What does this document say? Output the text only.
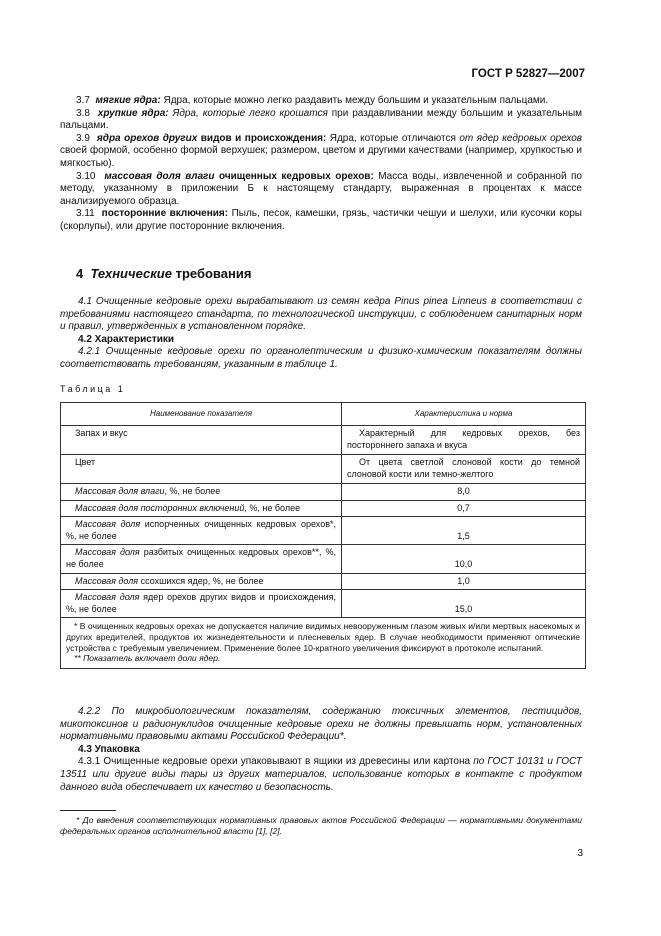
ГОСТ Р 52827—2007

3.7 мягкие ядра: Ядра, которые можно легко раздавить между большим и указательным пальцами.

3.8 хрупкие ядра: Ядра, которые легко крошатся при раздавливании между большим и указательным пальцами.

3.9 ядра орехов других видов и происхождения: Ядра, которые отличаются от ядер кедровых орехов своей формой, особенно формой верхушек; размером, цветом и другими качествами (например, хрупкостью и мягкостью).

3.10 массовая доля влаги очищенных кедровых орехов: Масса воды, извлеченной и собранной по методу, указанному в приложении Б к настоящему стандарту, выраженная в процентах к массе анализируемого образца.

3.11 посторонние включения: Пыль, песок, камешки, грязь, частички чешуи и шелухи, или кусочки коры (скорлупы), или другие посторонние включения.

4 Технические требования

4.1 Очищенные кедровые орехи вырабатывают из семян кедра Pinus pinea Linneus в соответствии с требованиями настоящего стандарта, по технологической инструкции, с соблюдением санитарных норм и правил, утвержденных в установленном порядке.

4.2 Характеристики

4.2.1 Очищенные кедровые орехи по органолептическим и физико-химическим показателям должны соответствовать требованиям, указанным в таблице 1.

Таблица 1
Наименование показателя	Характеристика и норма
Запах и вкус	Характерный для кедровых орехов, без постороннего запаха и вкуса
Цвет	От цвета светлой слоновой кости до темной слоновой кости или темно-желтого
Массовая доля влаги, %, не более	8,0
Массовая доля посторонних включений, %, не более	0,7
Массовая доля испорченных очищенных кедровых орехов*, %, не более	1,5
Массовая доля разбитых очищенных кедровых орехов**, %, не более	10,0
Массовая доля ссохшихся ядер, %, не более	1,0
Массовая доля ядер орехов других видов и происхождения, %, не более	15,0

* В очищенных кедровых орехах не допускается наличие видимых невооруженным глазом живых и/или мертвых насекомых и других вредителей, продуктов их жизнедеятельности и плесневелых ядер. В случае необходимости применяют оптические устройства с требуемым увеличением. Применение более 10-кратного увеличения фиксируют в протоколе испытаний.
** Показатель включает доли ядер.	

4.2.2 По микробиологическим показателям, содержанию токсичных элементов, пестицидов, микотоксинов и радионуклидов очищенные кедровые орехи не должны превышать норм, установленных нормативными правовыми актами Российской Федерации*.

4.3 Упаковка

4.3.1 Очищенные кедровые орехи упаковывают в ящики из древесины или картона по ГОСТ 10131 и ГОСТ 13511 или другие виды тары из других материалов, использование которых в контакте с продуктом данного вида обеспечивает их качество и безопасность.

* До введения соответствующих нормативных правовых актов Российской Федерации — нормативными документами федеральных органов исполнительной власти [1], [2].
3
